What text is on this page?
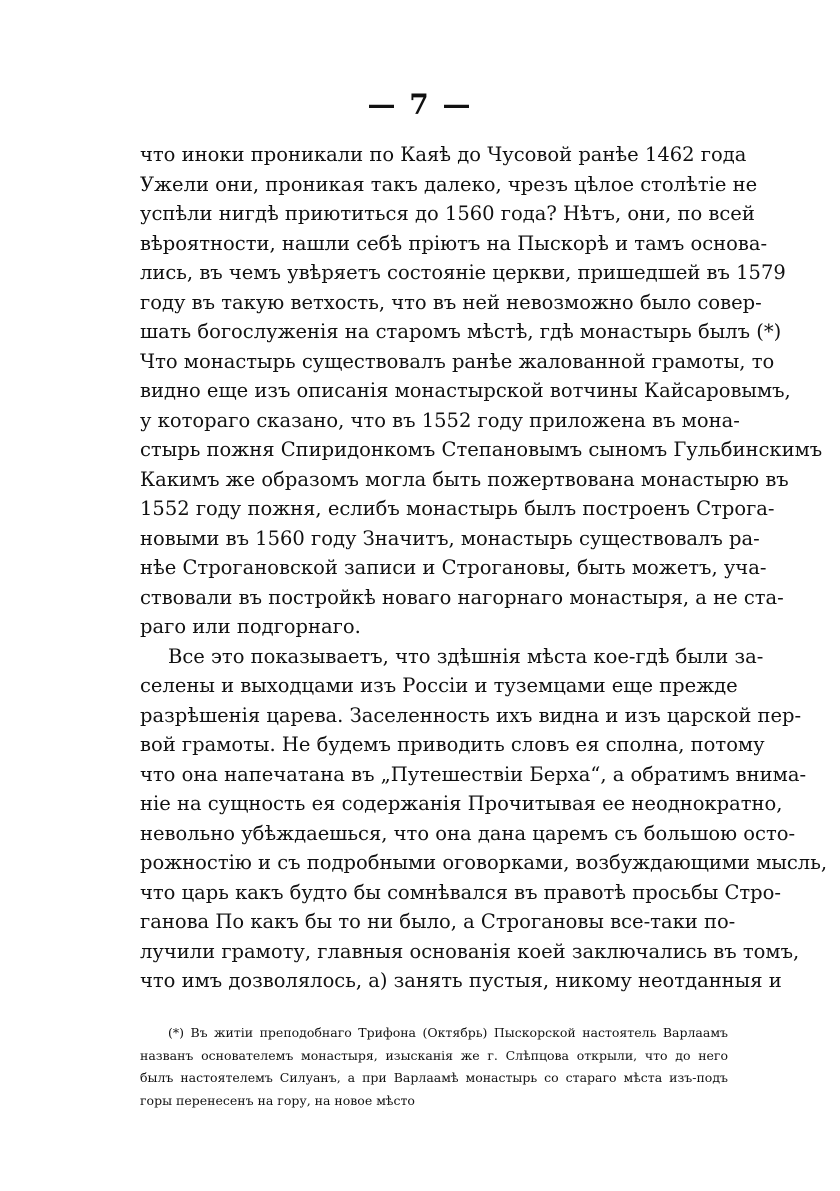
— 7 —
что иноки проникали по Каяѣ до Чусовой ранѣе 1462 года
Ужели они, проникая такъ далеко, чрезъ цѣлое столѣтіе не
успѣли нигдѣ приютиться до 1560 года? Нѣтъ, они, по всей
вѣроятности, нашли себѣ пріютъ на Пыскорѣ и тамъ основа-
лись, въ чемъ увѣряетъ состояніе церкви, пришедшей въ 1579
году въ такую ветхость, что въ ней невозможно было совер-
шать богослуженія на старомъ мѣстѣ, гдѣ монастырь былъ (*)
Что монастырь существовалъ ранѣе жалованной грамоты, то
видно еще изъ описанія монастырской вотчины Кайсаровымъ,
у котораго сказано, что въ 1552 году приложена въ мона-
стырь пожня Спиридонкомъ Степановымъ сыномъ Гульбинскимъ
Какимъ же образомъ могла быть пожертвована монастырю въ
1552 году пожня, еслибъ монастырь былъ построенъ Строга-
новыми въ 1560 году Значитъ, монастырь существовалъ ра-
нѣе Строгановской записи и Строгановы, быть можетъ, уча-
ствовали въ постройкѣ новаго нагорнаго монастыря, а не ста-
раго или подгорнаго.
Все это показываетъ, что здѣшнія мѣста кое-гдѣ были за-
селены и выходцами изъ Россіи и туземцами еще прежде
разрѣшенія царева. Заселенность ихъ видна и изъ царской пер-
вой грамоты. Не будемъ приводить словъ ея сполна, потому
что она напечатана въ „Путешествіи Берха“, а обратимъ внима-
ніе на сущность ея содержанія Прочитывая ее неоднократно,
невольно убѣждаешься, что она дана царемъ съ большою осто-
рожностію и съ подробными оговорками, возбуждающими мысль,
что царь какъ будто бы сомнѣвался въ правотѣ просьбы Стро-
ганова По какъ бы то ни было, а Строгановы все-таки по-
лучили грамоту, главныя основанія коей заключались въ томъ,
что имъ дозволялось, а) занять пустыя, никому неотданныя и
(*) Въ житіи преподобнаго Трифона (Октябрь) Пыскорской настоятель Варлаамъ
названъ основателемъ монастыря, изысканія же г. Слѣпцова открыли, что до него
былъ настоятелемъ Силуанъ, а при Варлаамѣ монастырь со стараго мѣста изъ-подъ
горы перенесенъ на гору, на новое мѣсто
